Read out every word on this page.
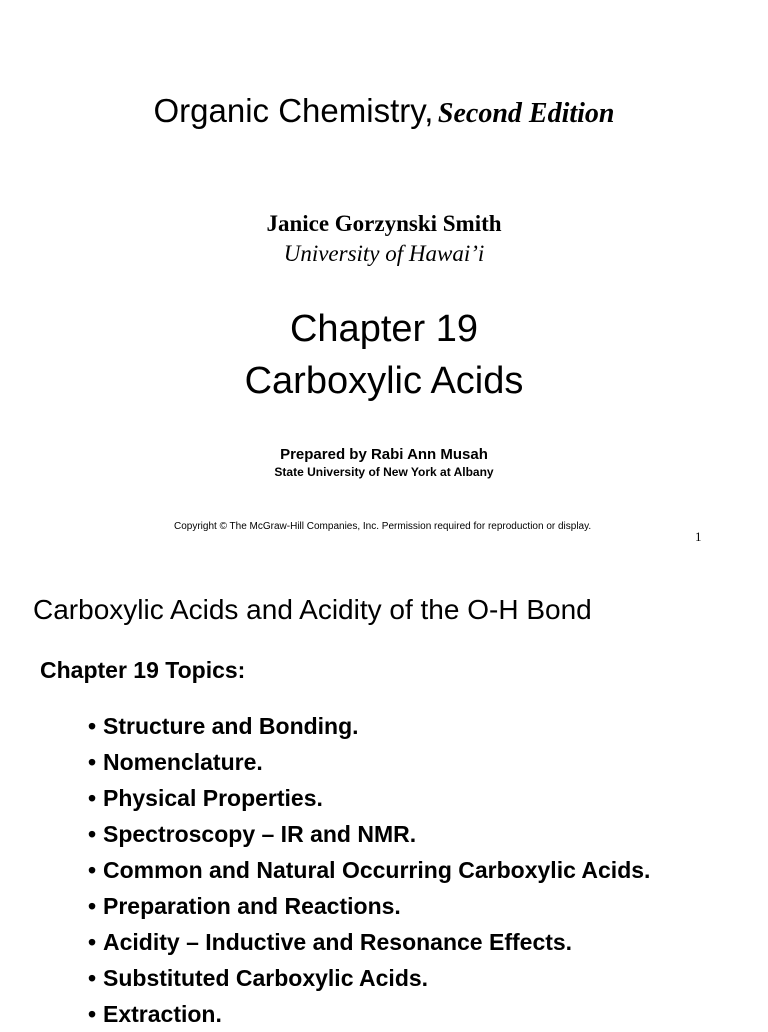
Organic Chemistry, Second Edition
Janice Gorzynski Smith
University of Hawai’i
Chapter 19
Carboxylic Acids
Prepared by Rabi Ann Musah
State University of New York at Albany
Copyright © The McGraw-Hill Companies, Inc. Permission required for reproduction or display.
1
Carboxylic Acids and Acidity of the O-H Bond
Chapter 19 Topics:
• Structure and Bonding.
• Nomenclature.
• Physical Properties.
• Spectroscopy – IR and NMR.
• Common and Natural Occurring Carboxylic Acids.
• Preparation and Reactions.
• Acidity – Inductive and Resonance Effects.
• Substituted Carboxylic Acids.
• Extraction.
